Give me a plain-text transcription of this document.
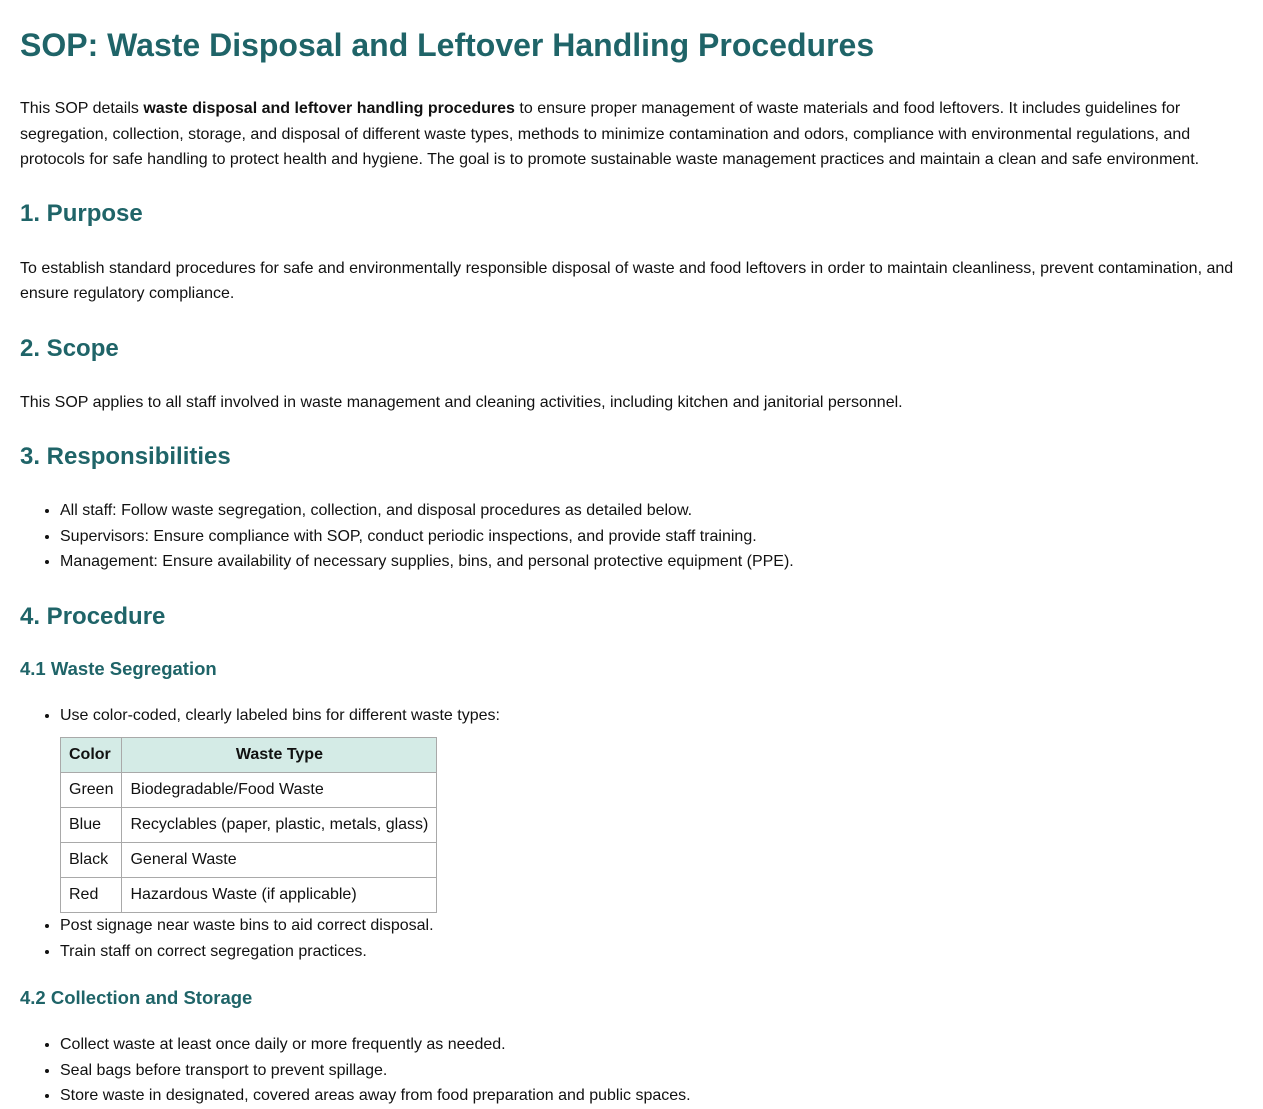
SOP: Waste Disposal and Leftover Handling Procedures

This SOP details waste disposal and leftover handling procedures to ensure proper management of waste materials and food leftovers. It includes guidelines for segregation, collection, storage, and disposal of different waste types, methods to minimize contamination and odors, compliance with environmental regulations, and protocols for safe handling to protect health and hygiene. The goal is to promote sustainable waste management practices and maintain a clean and safe environment.

1. Purpose

To establish standard procedures for safe and environmentally responsible disposal of waste and food leftovers in order to maintain cleanliness, prevent contamination, and ensure regulatory compliance.

2. Scope

This SOP applies to all staff involved in waste management and cleaning activities, including kitchen and janitorial personnel.

3. Responsibilities
• All staff: Follow waste segregation, collection, and disposal procedures as detailed below.
• Supervisors: Ensure compliance with SOP, conduct periodic inspections, and provide staff training.
• Management: Ensure availability of necessary supplies, bins, and personal protective equipment (PPE).
4. Procedure
4.1 Waste Segregation
• Use color-coded, clearly labeled bins for different waste types:
Color	Waste Type
Green	Biodegradable/Food Waste
Blue	Recyclables (paper, plastic, metals, glass)
Black	General Waste
Red	Hazardous Waste (if applicable)
• Post signage near waste bins to aid correct disposal.
• Train staff on correct segregation practices.
4.2 Collection and Storage
• Collect waste at least once daily or more frequently as needed.
• Seal bags before transport to prevent spillage.
• Store waste in designated, covered areas away from food preparation and public spaces.
